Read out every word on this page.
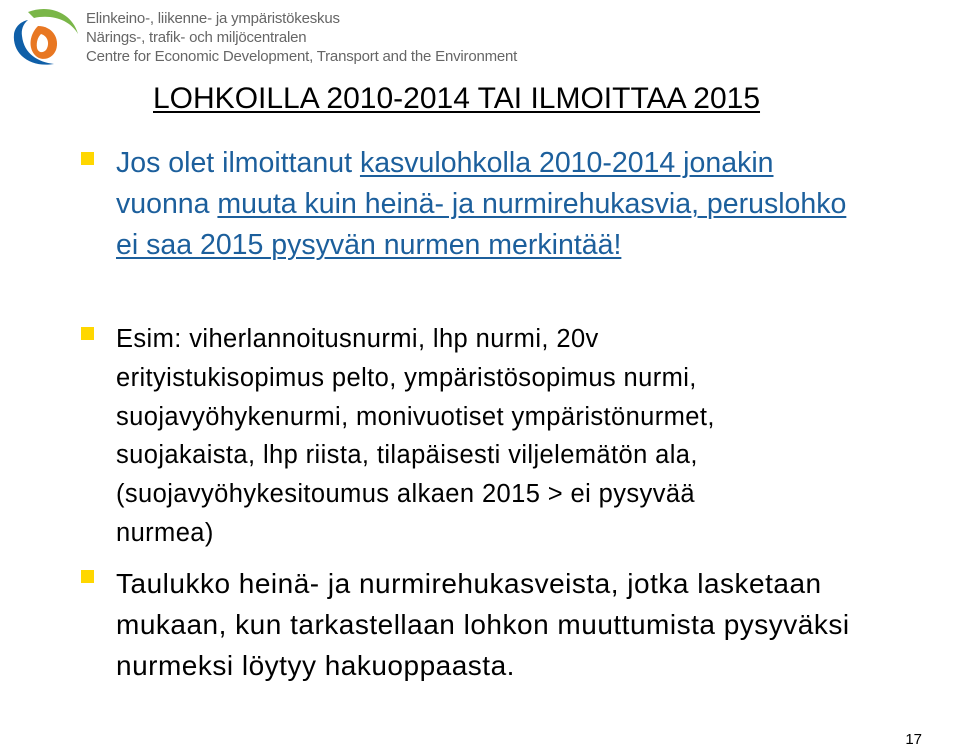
Elinkeino-, liikenne- ja ympäristökeskus
Närings-, trafik- och miljöcentralen
Centre for Economic Development, Transport and the Environment
LOHKOILLA 2010-2014 TAI ILMOITTAA 2015
Jos olet ilmoittanut kasvulohkolla 2010-2014 jonakin
vuonna muuta kuin heinä- ja nurmirehukasvia, peruslohko
ei saa 2015 pysyvän nurmen merkintää!
Esim: viherlannoitusnurmi, lhp nurmi, 20v
erityistukisopimus pelto, ympäristösopimus nurmi,
suojavyöhykenurmi, monivuotiset ympäristönurmet,
suojakaista, lhp riista, tilapäisesti viljelemätön ala,
(suojavyöhykesitoumus alkaen 2015 > ei pysyvää
nurmea)
Taulukko heinä- ja nurmirehukasveista, jotka lasketaan
mukaan, kun tarkastellaan lohkon muuttumista pysyväksi
nurmeksi löytyy hakuoppaasta.
17
